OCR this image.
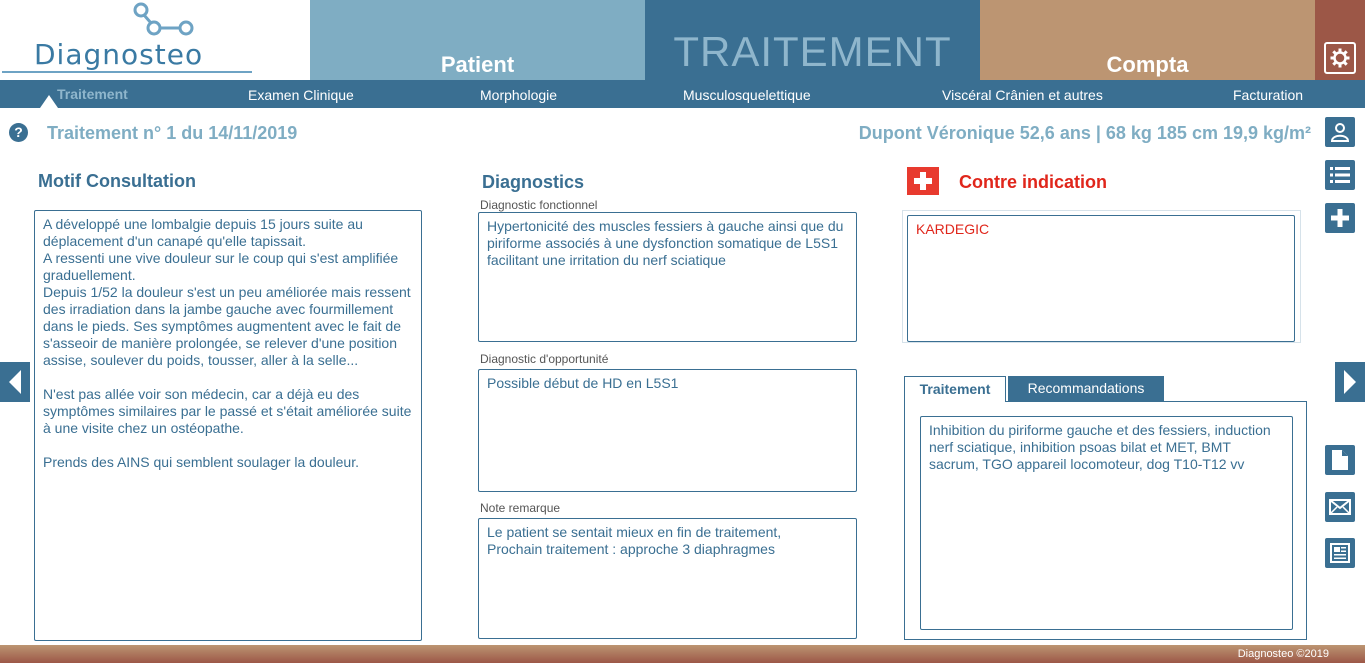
Diagnosteo	Patient	TRAITEMENT	Compta
Traitement	Examen Clinique	Morphologie	Musculosquelettique	Viscéral Crânien et autres	Facturation
? Traitement n° 1 du 14/11/2019	Dupont Véronique 52,6 ans | 68 kg 185 cm 19,9 kg/m²
Motif Consultation
A développé une lombalgie depuis 15 jours suite au déplacement d'un canapé qu'elle tapissait.
A ressenti une vive douleur sur le coup qui s'est amplifiée graduellement.
Depuis 1/52 la douleur s'est un peu améliorée mais ressent des irradiation dans la jambe gauche avec fourmillement dans le pieds. Ses symptômes augmentent avec le fait de s'asseoir de manière prolongée, se relever d'une position assise, soulever du poids, tousser, aller à la selle...

N'est pas allée voir son médecin, car a déjà eu des symptômes similaires par le passé et s'était améliorée suite à une visite chez un ostéopathe.

Prends des AINS qui semblent soulager la douleur.
Diagnostics
Diagnostic fonctionnel
Hypertonicité des muscles fessiers à gauche ainsi que du piriforme associés à une dysfonction somatique de L5S1 facilitant une irritation du nerf sciatique
Diagnostic d'opportunité
Possible début de HD en L5S1
Note remarque
Le patient se sentait mieux en fin de traitement,
Prochain traitement : approche 3 diaphragmes
Contre indication
KARDEGIC
Recommandations
Traitement
Inhibition du piriforme gauche et des fessiers, induction nerf sciatique, inhibition psoas bilat et MET, BMT sacrum, TGO appareil locomoteur, dog T10-T12 vv
Diagnosteo ©2019
